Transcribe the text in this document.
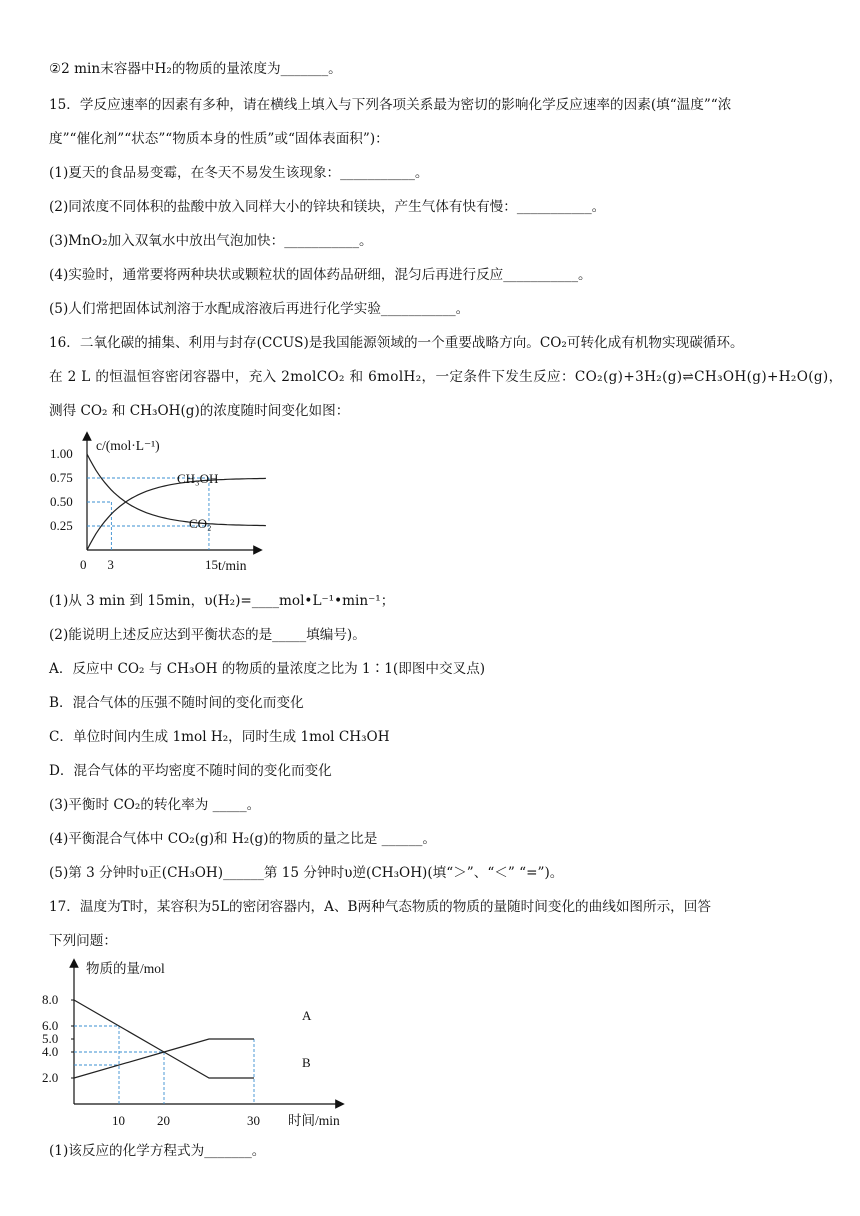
②2 min末容器中H₂的物质的量浓度为_______。
15．学反应速率的因素有多种，请在横线上填入与下列各项关系最为密切的影响化学反应速率的因素(填“温度”“浓
度”“催化剂”“状态”“物质本身的性质”或“固体表面积”)：
(1)夏天的食品易变霉，在冬天不易发生该现象：___________。
(2)同浓度不同体积的盐酸中放入同样大小的锌块和镁块，产生气体有快有慢：___________。
(3)MnO₂加入双氧水中放出气泡加快：___________。
(4)实验时，通常要将两种块状或颗粒状的固体药品研细，混匀后再进行反应___________。
(5)人们常把固体试剂溶于水配成溶液后再进行化学实验___________。
16．二氧化碳的捕集、利用与封存(CCUS)是我国能源领域的一个重要战略方向。CO₂可转化成有机物实现碳循环。
在 2 L 的恒温恒容密闭容器中，充入 2molCO₂ 和 6molH₂，一定条件下发生反应：CO₂(g)+3H₂(g)⇌CH₃OH(g)+H₂O(g)，
测得 CO₂ 和 CH₃OH(g)的浓度随时间变化如图：
1.00
0.75
0.50
0.25
0 3	15
c/(mol·L⁻¹)
t/min
CH₃OH
CO₂
(1)从 3 min 到 15min，υ(H₂)=____mol•L⁻¹•min⁻¹；
(2)能说明上述反应达到平衡状态的是_____填编号)。
A．反应中 CO₂ 与 CH₃OH 的物质的量浓度之比为 1∶1(即图中交叉点)
B．混合气体的压强不随时间的变化而变化
C．单位时间内生成 1mol H₂，同时生成 1mol CH₃OH
D．混合气体的平均密度不随时间的变化而变化
(3)平衡时 CO₂的转化率为 _____。
(4)平衡混合气体中 CO₂(g)和 H₂(g)的物质的量之比是 ______。
(5)第 3 分钟时υ正(CH₃OH)______第 15 分钟时υ逆(CH₃OH)(填“＞”、“＜” “=”)。
17．温度为T时，某容积为5L的密闭容器内，A、B两种气态物质的物质的量随时间变化的曲线如图所示，回答
下列问题：
8.0
6.0
5.0
4.0
2.0
10 20	30
物质的量/mol
时间/min
A
B
(1)该反应的化学方程式为_______。
